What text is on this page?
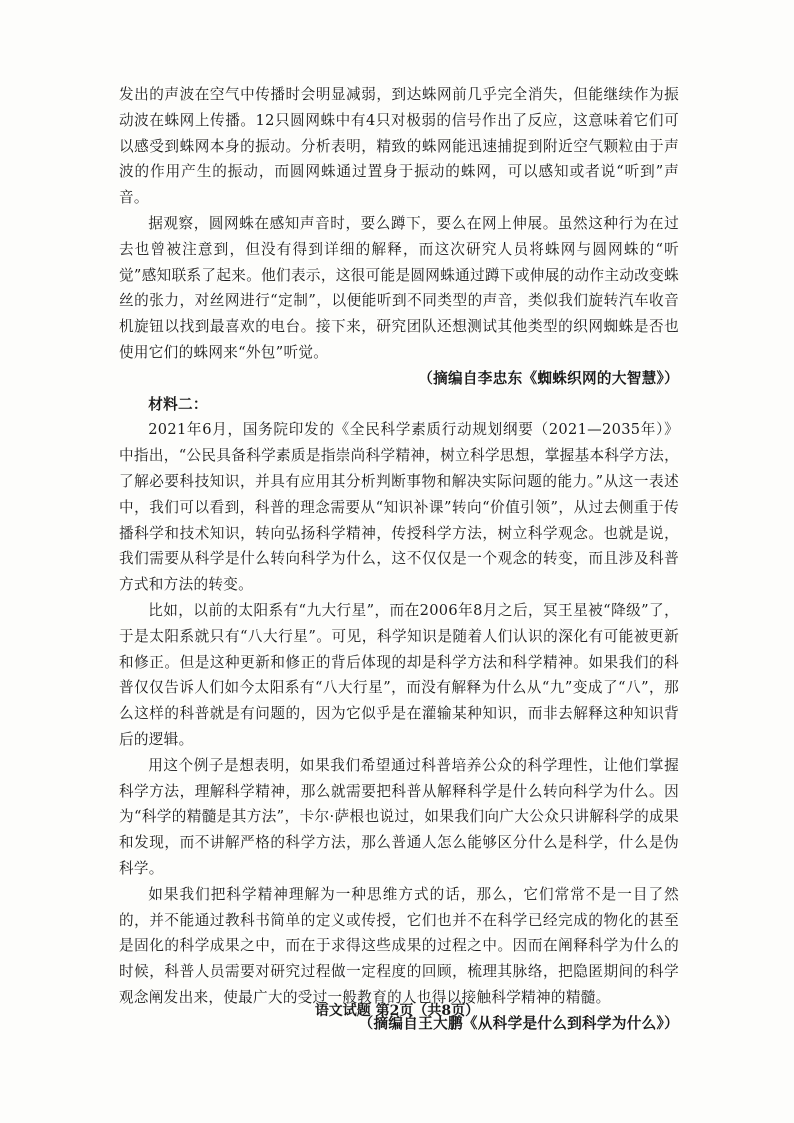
发出的声波在空气中传播时会明显减弱，到达蛛网前几乎完全消失，但能继续作为振动波在蛛网上传播。12只圆网蛛中有4只对极弱的信号作出了反应，这意味着它们可以感受到蛛网本身的振动。分析表明，精致的蛛网能迅速捕捉到附近空气颗粒由于声波的作用产生的振动，而圆网蛛通过置身于振动的蛛网，可以感知或者说“听到”声音。

据观察，圆网蛛在感知声音时，要么蹲下，要么在网上伸展。虽然这种行为在过去也曾被注意到，但没有得到详细的解释，而这次研究人员将蛛网与圆网蛛的“听觉”感知联系了起来。他们表示，这很可能是圆网蛛通过蹲下或伸展的动作主动改变蛛丝的张力，对丝网进行“定制”，以便能听到不同类型的声音，类似我们旋转汽车收音机旋钮以找到最喜欢的电台。接下来，研究团队还想测试其他类型的织网蜘蛛是否也使用它们的蛛网来“外包”听觉。

（摘编自李忠东《蜘蛛织网的大智慧》）

材料二：

2021年6月，国务院印发的《全民科学素质行动规划纲要（2021—2035年）》中指出，“公民具备科学素质是指崇尚科学精神，树立科学思想，掌握基本科学方法，了解必要科技知识，并具有应用其分析判断事物和解决实际问题的能力。”从这一表述中，我们可以看到，科普的理念需要从“知识补课”转向“价值引领”，从过去侧重于传播科学和技术知识，转向弘扬科学精神，传授科学方法，树立科学观念。也就是说，我们需要从科学是什么转向科学为什么，这不仅仅是一个观念的转变，而且涉及科普方式和方法的转变。

比如，以前的太阳系有“九大行星”，而在2006年8月之后，冥王星被“降级”了，于是太阳系就只有“八大行星”。可见，科学知识是随着人们认识的深化有可能被更新和修正。但是这种更新和修正的背后体现的却是科学方法和科学精神。如果我们的科普仅仅告诉人们如今太阳系有“八大行星”，而没有解释为什么从“九”变成了“八”，那么这样的科普就是有问题的，因为它似乎是在灌输某种知识，而非去解释这种知识背后的逻辑。

用这个例子是想表明，如果我们希望通过科普培养公众的科学理性，让他们掌握科学方法，理解科学精神，那么就需要把科普从解释科学是什么转向科学为什么。因为“科学的精髓是其方法”，卡尔·萨根也说过，如果我们向广大公众只讲解科学的成果和发现，而不讲解严格的科学方法，那么普通人怎么能够区分什么是科学，什么是伪科学。

如果我们把科学精神理解为一种思维方式的话，那么，它们常常不是一目了然的，并不能通过教科书简单的定义或传授，它们也并不在科学已经完成的物化的甚至是固化的科学成果之中，而在于求得这些成果的过程之中。因而在阐释科学为什么的时候，科普人员需要对研究过程做一定程度的回顾，梳理其脉络，把隐匿期间的科学观念阐发出来，使最广大的受过一般教育的人也得以接触科学精神的精髓。

（摘编自王大鹏《从科学是什么到科学为什么》）

语文试题 第2页（共8页）
